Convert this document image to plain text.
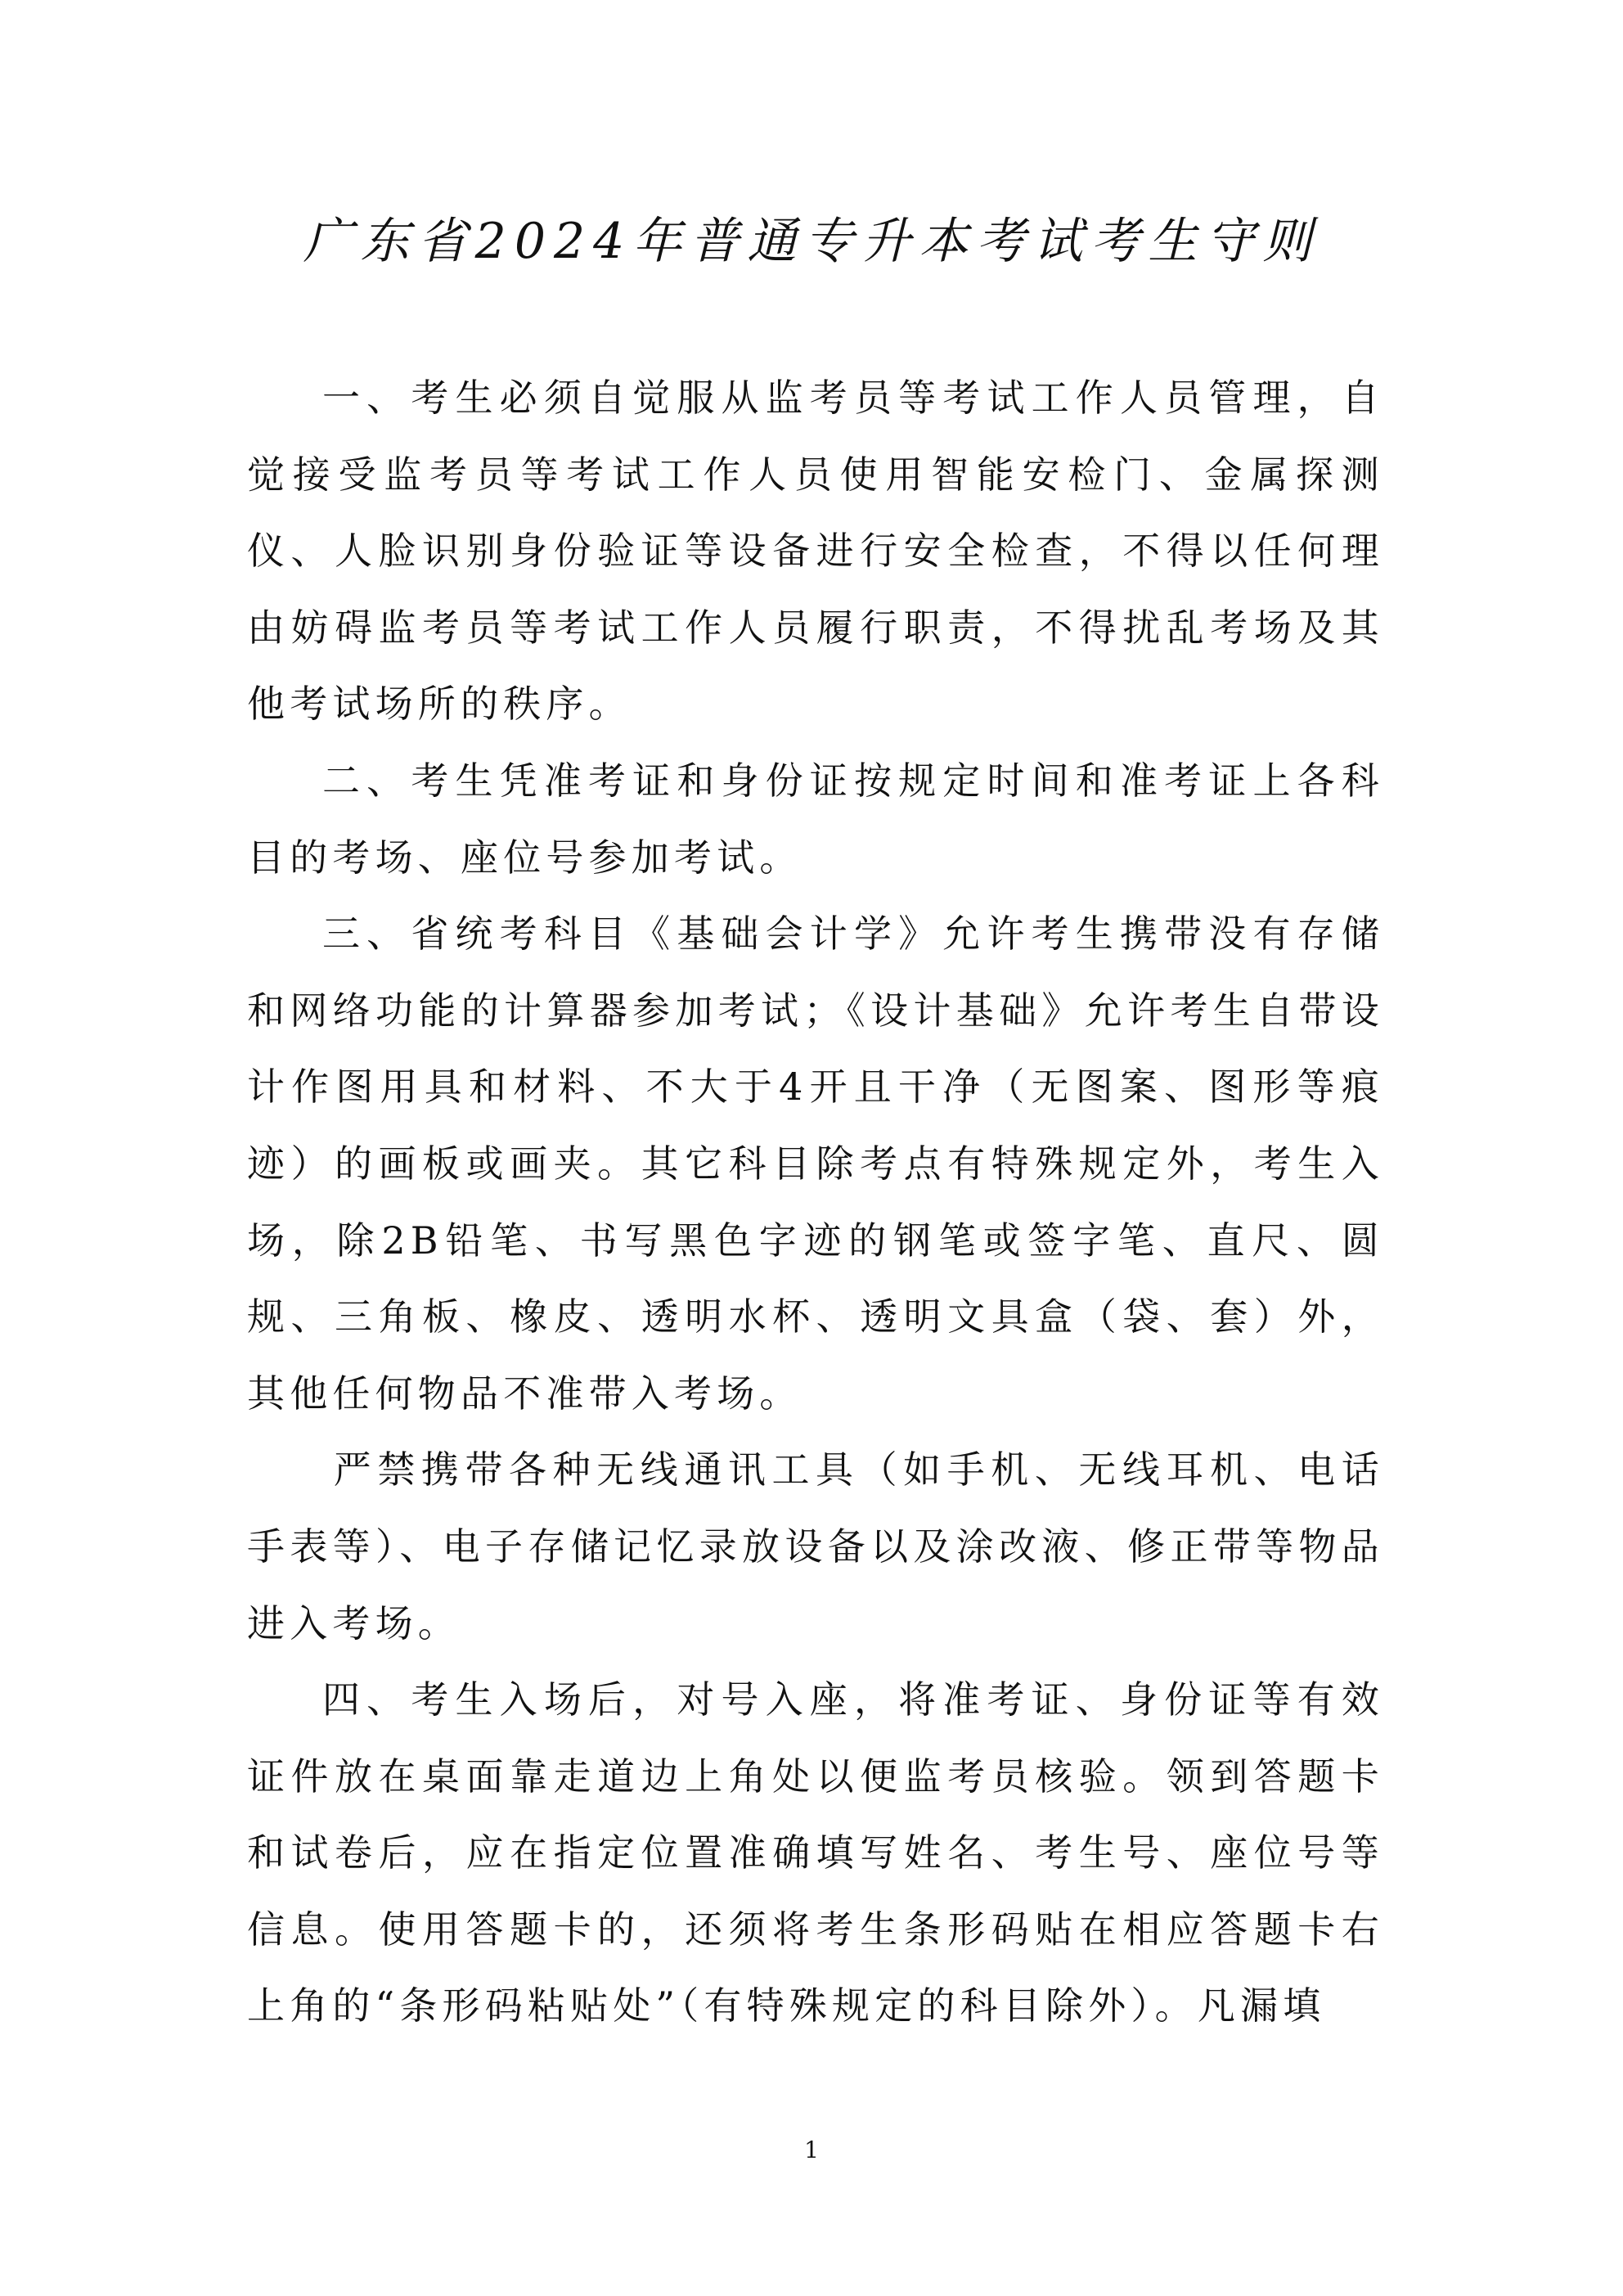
广东省2024年普通专升本考试考生守则

一、考生必须自觉服从监考员等考试工作人员管理，自觉接受监考员等考试工作人员使用智能安检门、金属探测仪、人脸识别身份验证等设备进行安全检查，不得以任何理由妨碍监考员等考试工作人员履行职责，不得扰乱考场及其他考试场所的秩序。

二、考生凭准考证和身份证按规定时间和准考证上各科目的考场、座位号参加考试。

三、省统考科目《基础会计学》允许考生携带没有存储和网络功能的计算器参加考试；《设计基础》允许考生自带设计作图用具和材料、不大于4开且干净（无图案、图形等痕迹）的画板或画夹。其它科目除考点有特殊规定外，考生入场，除2B铅笔、书写黑色字迹的钢笔或签字笔、直尺、圆规、三角板、橡皮、透明水杯、透明文具盒（袋、套）外，其他任何物品不准带入考场。

严禁携带各种无线通讯工具（如手机、无线耳机、电话手表等）、电子存储记忆录放设备以及涂改液、修正带等物品进入考场。

四、考生入场后，对号入座，将准考证、身份证等有效证件放在桌面靠走道边上角处以便监考员核验。领到答题卡和试卷后，应在指定位置准确填写姓名、考生号、座位号等信息。使用答题卡的，还须将考生条形码贴在相应答题卡右上角的“条形码粘贴处”（有特殊规定的科目除外）。凡漏填

1
